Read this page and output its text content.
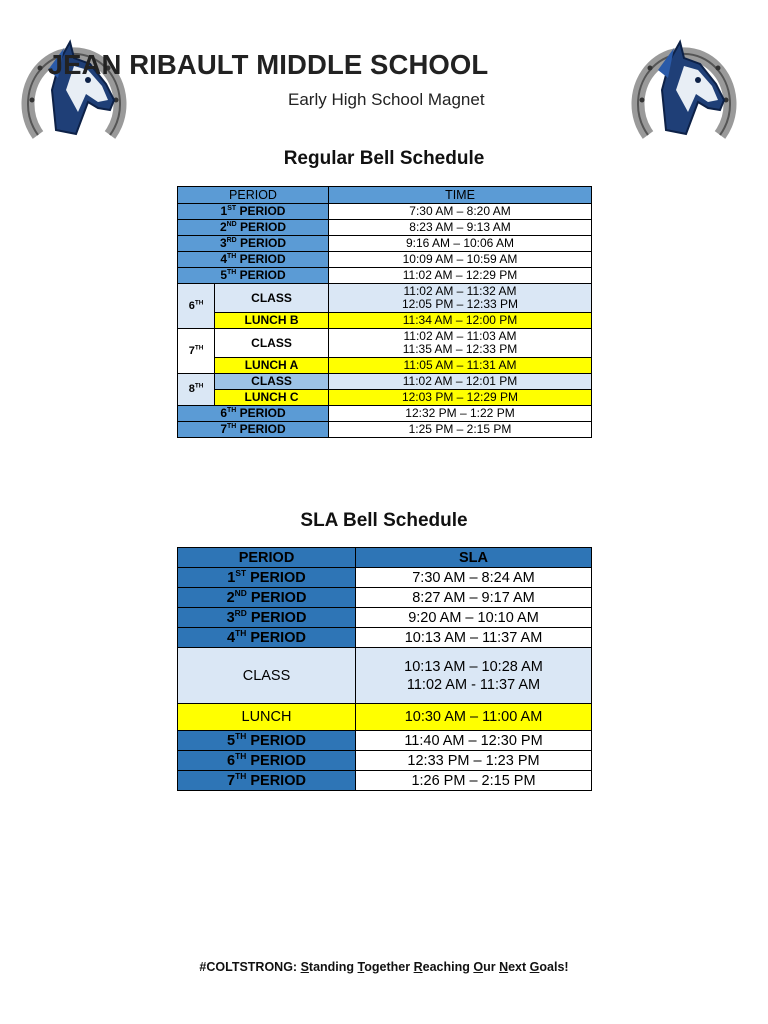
JEAN RIBAULT MIDDLE SCHOOL
Early High School Magnet
Regular Bell Schedule
PERIOD		TIME
1ST PERIOD		7:30 AM – 8:20 AM
2ND PERIOD		8:23 AM – 9:13 AM
3RD PERIOD		9:16 AM – 10:06 AM
4TH PERIOD		10:09 AM – 10:59 AM
5TH PERIOD		11:02 AM – 12:29 PM
6TH	CLASS	11:02 AM – 11:32 AM
12:05 PM – 12:33 PM
	LUNCH B	11:34 AM – 12:00 PM
7TH	CLASS	11:02 AM – 11:03 AM
11:35 AM – 12:33 PM
	LUNCH A	11:05 AM – 11:31 AM
8TH	CLASS	11:02 AM – 12:01 PM
	LUNCH C	12:03 PM – 12:29 PM
6TH PERIOD		12:32 PM – 1:22 PM
7TH PERIOD		1:25 PM – 2:15 PM
SLA Bell Schedule
PERIOD	SLA
1ST PERIOD	7:30 AM – 8:24 AM
2ND PERIOD	8:27 AM – 9:17 AM
3RD PERIOD	9:20 AM – 10:10 AM
4TH PERIOD	10:13 AM – 11:37 AM
CLASS	10:13 AM – 10:28 AM
11:02 AM - 11:37 AM
LUNCH	10:30 AM – 11:00 AM
5TH PERIOD	11:40 AM – 12:30 PM
6TH PERIOD	12:33 PM – 1:23 PM
7TH PERIOD	1:26 PM – 2:15 PM
#COLTSTRONG: Standing Together Reaching Our Next Goals!
